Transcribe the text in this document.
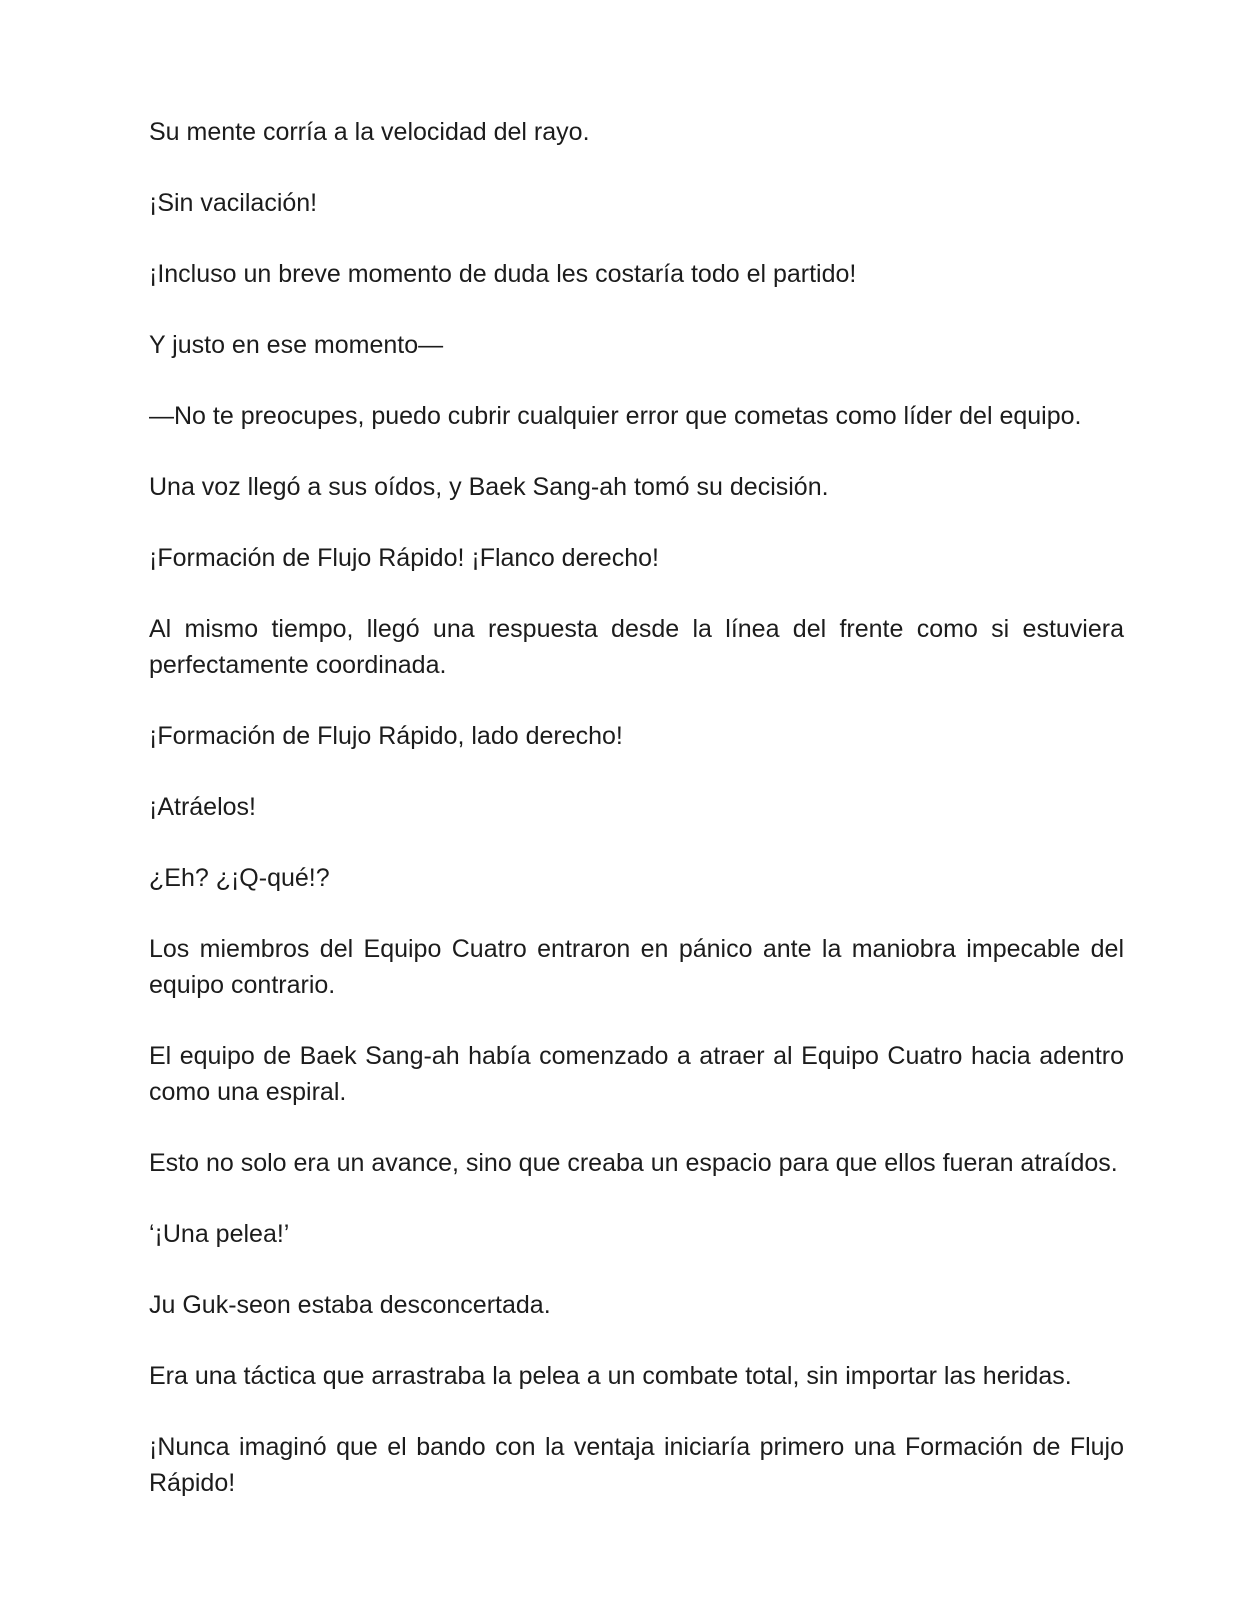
Su mente corría a la velocidad del rayo.

¡Sin vacilación!

¡Incluso un breve momento de duda les costaría todo el partido!

Y justo en ese momento—

—No te preocupes, puedo cubrir cualquier error que cometas como líder del equipo.

Una voz llegó a sus oídos, y Baek Sang-ah tomó su decisión.

¡Formación de Flujo Rápido! ¡Flanco derecho!

Al mismo tiempo, llegó una respuesta desde la línea del frente como si estuviera perfectamente coordinada.

¡Formación de Flujo Rápido, lado derecho!

¡Atráelos!

¿Eh? ¿¡Q-qué!?

Los miembros del Equipo Cuatro entraron en pánico ante la maniobra impecable del equipo contrario.

El equipo de Baek Sang-ah había comenzado a atraer al Equipo Cuatro hacia adentro como una espiral.

Esto no solo era un avance, sino que creaba un espacio para que ellos fueran atraídos.

‘¡Una pelea!’

Ju Guk-seon estaba desconcertada.

Era una táctica que arrastraba la pelea a un combate total, sin importar las heridas.

¡Nunca imaginó que el bando con la ventaja iniciaría primero una Formación de Flujo Rápido!
